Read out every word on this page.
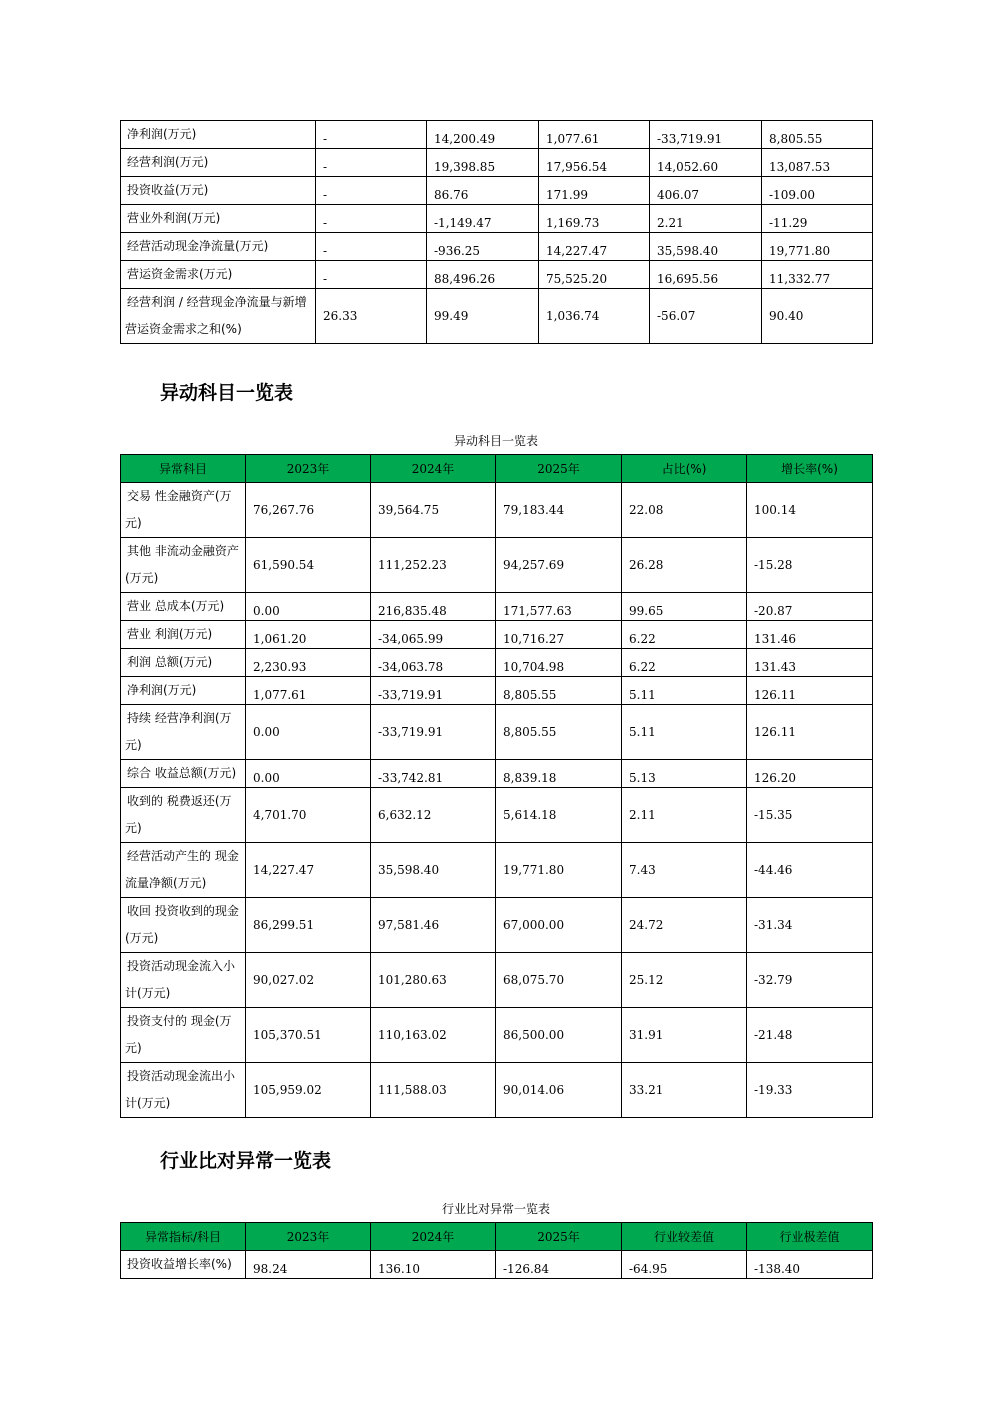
净利润(万元)	-	14,200.49	1,077.61	-33,719.91	8,805.55
经营利润(万元)	-	19,398.85	17,956.54	14,052.60	13,087.53
投资收益(万元)	-	86.76	171.99	406.07	-109.00
营业外利润(万元)	-	-1,149.47	1,169.73	2.21	-11.29
经营活动现金净流量(万元)	-	-936.25	14,227.47	35,598.40	19,771.80
营运资金需求(万元)	-	88,496.26	75,525.20	16,695.56	11,332.77
经营利润 / 经营现金净流量与新增营运资金需求之和(%)	26.33	99.49	1,036.74	-56.07	90.40
异动科目一览表
异动科目一览表
异常科目	2023年	2024年	2025年	占比(%)	增长率(%)
交易 性金融资产(万元)	76,267.76	39,564.75	79,183.44	22.08	100.14
其他 非流动金融资产(万元)	61,590.54	111,252.23	94,257.69	26.28	-15.28
营业 总成本(万元)	0.00	216,835.48	171,577.63	99.65	-20.87
营业 利润(万元)	1,061.20	-34,065.99	10,716.27	6.22	131.46
利润 总额(万元)	2,230.93	-34,063.78	10,704.98	6.22	131.43
净利润(万元)	1,077.61	-33,719.91	8,805.55	5.11	126.11
持续 经营净利润(万元)	0.00	-33,719.91	8,805.55	5.11	126.11
综合 收益总额(万元)	0.00	-33,742.81	8,839.18	5.13	126.20
收到的 税费返还(万元)	4,701.70	6,632.12	5,614.18	2.11	-15.35
经营活动产生的 现金流量净额(万元)	14,227.47	35,598.40	19,771.80	7.43	-44.46
收回 投资收到的现金(万元)	86,299.51	97,581.46	67,000.00	24.72	-31.34
投资活动现金流入小计(万元)	90,027.02	101,280.63	68,075.70	25.12	-32.79
投资支付的 现金(万元)	105,370.51	110,163.02	86,500.00	31.91	-21.48
投资活动现金流出小计(万元)	105,959.02	111,588.03	90,014.06	33.21	-19.33
行业比对异常一览表
行业比对异常一览表
异常指标/科目	2023年	2024年	2025年	行业较差值	行业极差值
投资收益增长率(%)	98.24	136.10	-126.84	-64.95	-138.40
